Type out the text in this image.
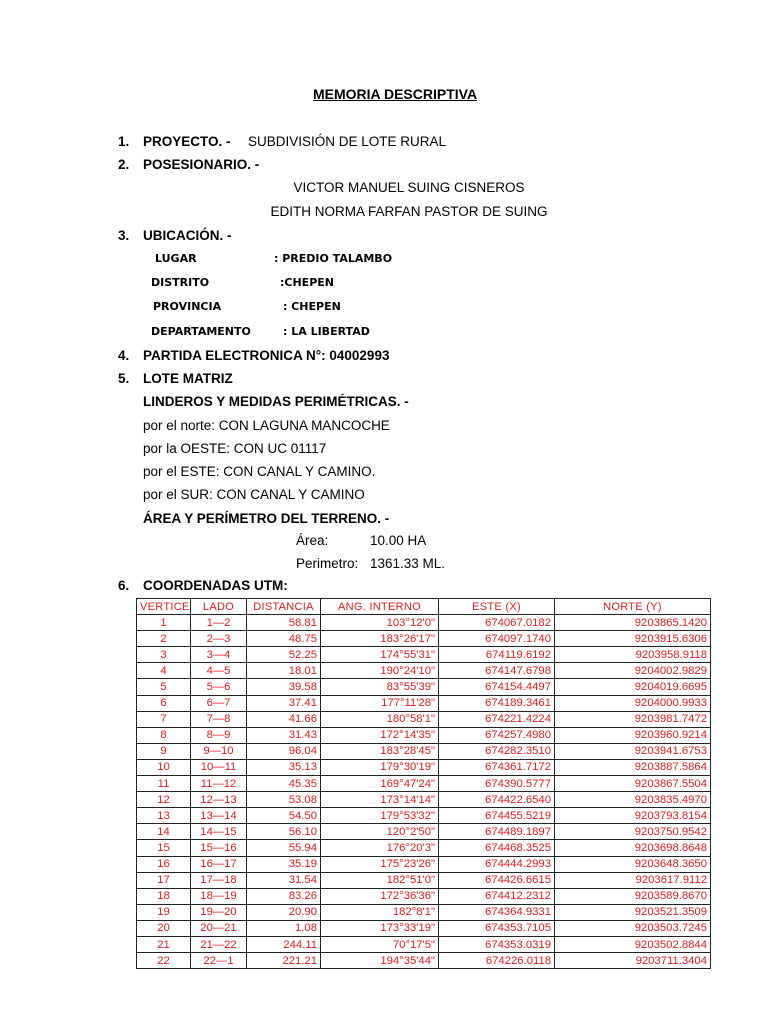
MEMORIA DESCRIPTIVA
1. PROYECTO. - SUBDIVISIÓN DE LOTE RURAL
2. POSESIONARIO. -
VICTOR MANUEL SUING CISNEROS
EDITH NORMA FARFAN PASTOR DE SUING
3. UBICACIÓN. -
LUGAR	: PREDIO TALAMBO
DISTRITO	:CHEPEN
PROVINCIA	: CHEPEN
DEPARTAMENTO	: LA LIBERTAD
4. PARTIDA ELECTRONICA N°: 04002993
5. LOTE MATRIZ
LINDEROS Y MEDIDAS PERIMÉTRICAS. -
por el norte: CON LAGUNA MANCOCHE
por la OESTE: CON UC 01117
por el ESTE: CON CANAL Y CAMINO.
por el SUR: CON CANAL Y CAMINO
ÁREA Y PERÍMETRO DEL TERRENO. -
Área:	10.00 HA
Perimetro: 1361.33 ML.
6. COORDENADAS UTM:
VERTICE	LADO	DISTANCIA	ANG. INTERNO	ESTE (X)	NORTE (Y)
1	1—2	58.81	103°12'0"	674067.0182	9203865.1420
2	2—3	48.75	183°26'17"	674097.1740	9203915.6306
3	3—4	52.25	174°55'31"	674119.6192	9203958.9118
4	4—5	18.01	190°24'10"	674147.6798	9204002.9829
5	5—6	39.58	83°55'39"	674154.4497	9204019.6695
6	6—7	37.41	177°11'28"	674189.3461	9204000.9933
7	7—8	41.66	180°58'1"	674221.4224	9203981.7472
8	8—9	31.43	172°14'35"	674257.4980	9203960.9214
9	9—10	96.04	183°28'45"	674282.3510	9203941.6753
10	10—11	35.13	179°30'19"	674361.7172	9203887.5864
11	11—12	45.35	169°47'24"	674390.5777	9203867.5504
12	12—13	53.08	173°14'14"	674422.6540	9203835.4970
13	13—14	54.50	179°53'32"	674455.5219	9203793.8154
14	14—15	56.10	120°2'50"	674489.1897	9203750.9542
15	15—16	55.94	176°20'3"	674468.3525	9203698.8648
16	16—17	35.19	175°23'26"	674444.2993	9203648.3650
17	17—18	31.54	182°51'0"	674426.6615	9203617.9112
18	18—19	83.26	172°36'36"	674412.2312	9203589.8670
19	19—20	20.90	182°8'1"	674364.9331	9203521.3509
20	20—21	1.08	173°33'19"	674353.7105	9203503.7245
21	21—22	244.11	70°17'5"	674353.0319	9203502.8844
22	22—1	221.21	194°35'44"	674226.0118	9203711.3404
